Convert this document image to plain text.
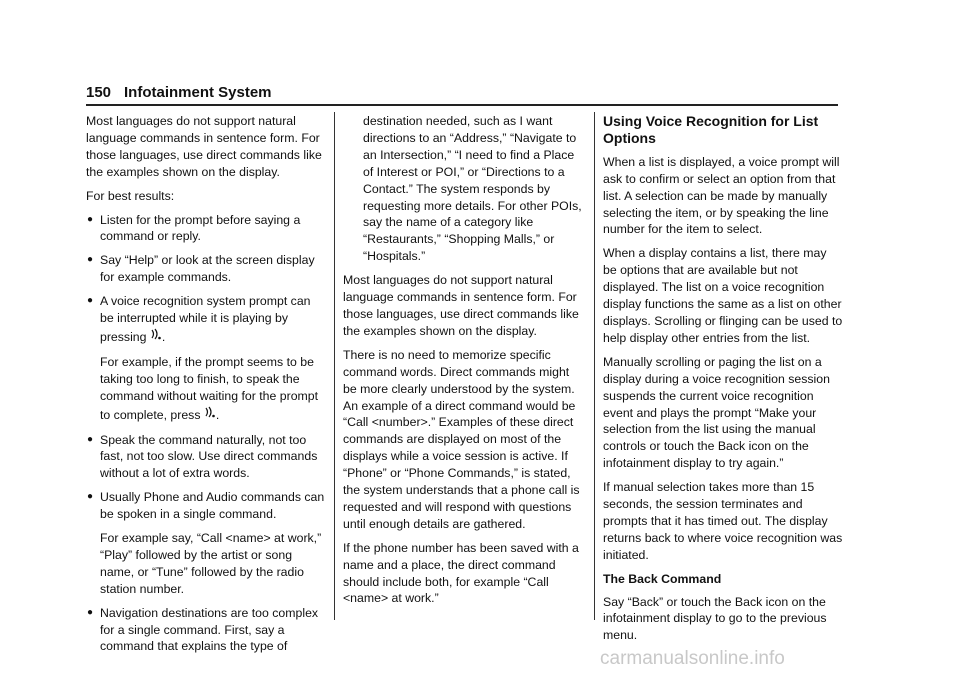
150 Infotainment System

Most languages do not support natural language commands in sentence form. For those languages, use direct commands like the examples shown on the display.

For best results:

● Listen for the prompt before saying a command or reply.
● Say “Help” or look at the screen display for example commands.
● A voice recognition system prompt can be interrupted while it is playing by pressing .

For example, if the prompt seems to be taking too long to finish, to speak the command without waiting for the prompt to complete, press .

● Speak the command naturally, not too fast, not too slow. Use direct commands without a lot of extra words.
● Usually Phone and Audio commands can be spoken in a single command.

For example say, “Call <name> at work,” “Play” followed by the artist or song name, or “Tune” followed by the radio station number.

● Navigation destinations are too complex for a single command. First, say a command that explains the type of

destination needed, such as I want directions to an “Address,” “Navigate to an Intersection,” “I need to find a Place of Interest or POI,” or “Directions to a Contact.” The system responds by requesting more details. For other POIs, say the name of a category like “Restaurants,” “Shopping Malls,” or “Hospitals.”

Most languages do not support natural language commands in sentence form. For those languages, use direct commands like the examples shown on the display.

There is no need to memorize specific command words. Direct commands might be more clearly understood by the system. An example of a direct command would be “Call <number>.” Examples of these direct commands are displayed on most of the displays while a voice session is active. If “Phone” or “Phone Commands,” is stated, the system understands that a phone call is requested and will respond with questions until enough details are gathered.

If the phone number has been saved with a name and a place, the direct command should include both, for example “Call <name> at work.”

Using Voice Recognition for List Options

When a list is displayed, a voice prompt will ask to confirm or select an option from that list. A selection can be made by manually selecting the item, or by speaking the line number for the item to select.

When a display contains a list, there may be options that are available but not displayed. The list on a voice recognition display functions the same as a list on other displays. Scrolling or flinging can be used to help display other entries from the list.

Manually scrolling or paging the list on a display during a voice recognition session suspends the current voice recognition event and plays the prompt “Make your selection from the list using the manual controls or touch the Back icon on the infotainment display to try again.”

If manual selection takes more than 15 seconds, the session terminates and prompts that it has timed out. The display returns back to where voice recognition was initiated.

The Back Command

Say “Back” or touch the Back icon on the infotainment display to go to the previous menu.

carmanualsonline.info
